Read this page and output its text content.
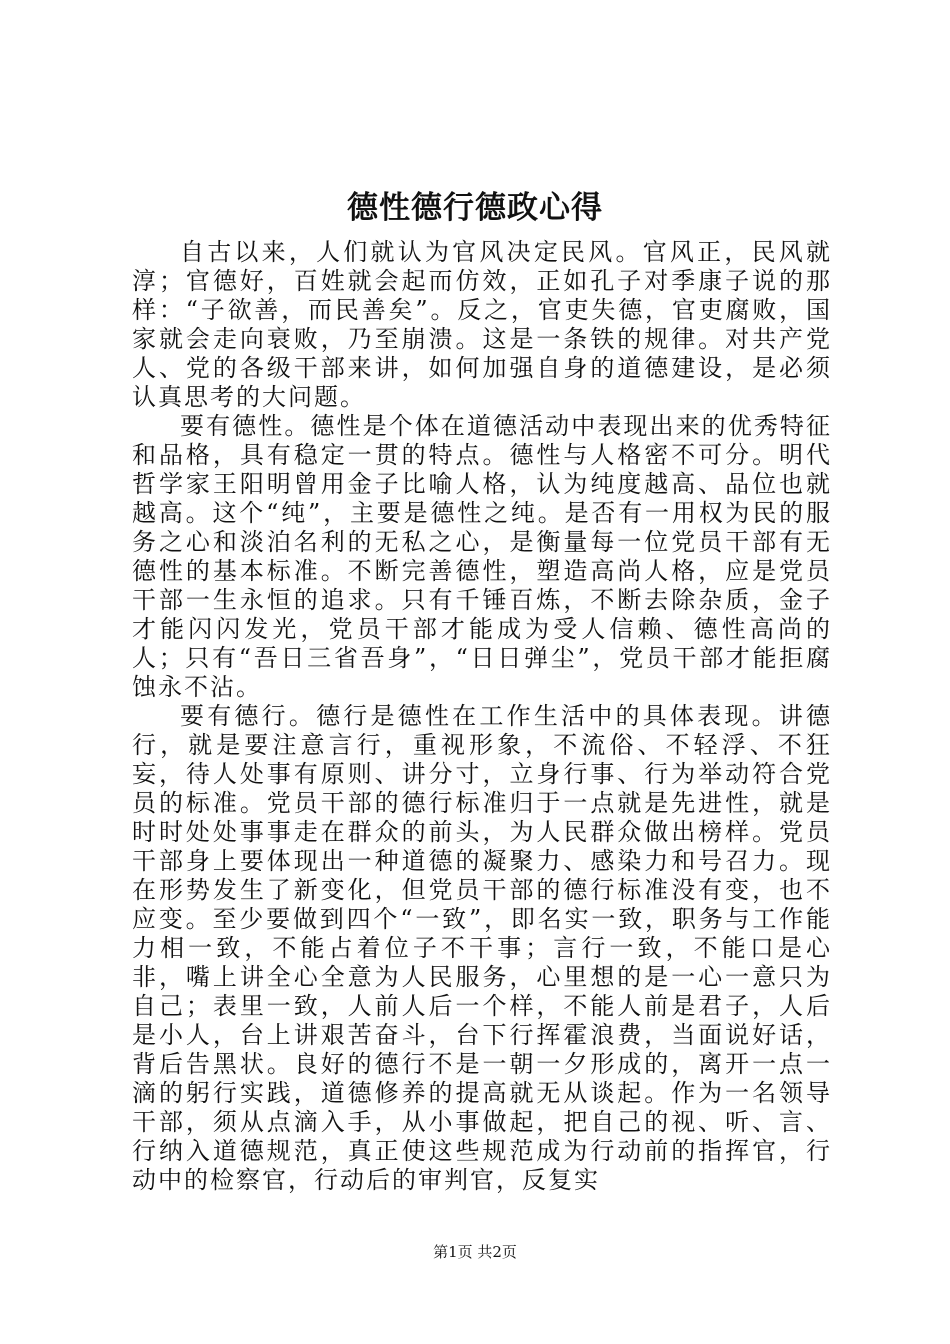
德性德行德政心得

自古以来，人们就认为官风决定民风。官风正，民风就淳；官德好，百姓就会起而仿效，正如孔子对季康子说的那样：“子欲善，而民善矣”。反之，官吏失德，官吏腐败，国家就会走向衰败，乃至崩溃。这是一条铁的规律。对共产党人、党的各级干部来讲，如何加强自身的道德建设，是必须认真思考的大问题。

要有德性。德性是个体在道德活动中表现出来的优秀特征和品格，具有稳定一贯的特点。德性与人格密不可分。明代哲学家王阳明曾用金子比喻人格，认为纯度越高、品位也就越高。这个“纯”，主要是德性之纯。是否有一用权为民的服务之心和淡泊名利的无私之心，是衡量每一位党员干部有无德性的基本标准。不断完善德性，塑造高尚人格，应是党员干部一生永恒的追求。只有千锤百炼，不断去除杂质，金子才能闪闪发光，党员干部才能成为受人信赖、德性高尚的人；只有“吾日三省吾身”，“日日弹尘”，党员干部才能拒腐蚀永不沾。

要有德行。德行是德性在工作生活中的具体表现。讲德行，就是要注意言行，重视形象，不流俗、不轻浮、不狂妄，待人处事有原则、讲分寸，立身行事、行为举动符合党员的标准。党员干部的德行标准归于一点就是先进性，就是时时处处事事走在群众的前头，为人民群众做出榜样。党员干部身上要体现出一种道德的凝聚力、感染力和号召力。现在形势发生了新变化，但党员干部的德行标准没有变，也不应变。至少要做到四个“一致”，即名实一致，职务与工作能力相一致，不能占着位子不干事；言行一致，不能口是心非，嘴上讲全心全意为人民服务，心里想的是一心一意只为自己；表里一致，人前人后一个样，不能人前是君子，人后是小人，台上讲艰苦奋斗，台下行挥霍浪费，当面说好话，背后告黑状。良好的德行不是一朝一夕形成的，离开一点一滴的躬行实践，道德修养的提高就无从谈起。作为一名领导干部，须从点滴入手，从小事做起，把自己的视、听、言、行纳入道德规范，真正使这些规范成为行动前的指挥官，行动中的检察官，行动后的审判官，反复实

第1页 共2页
